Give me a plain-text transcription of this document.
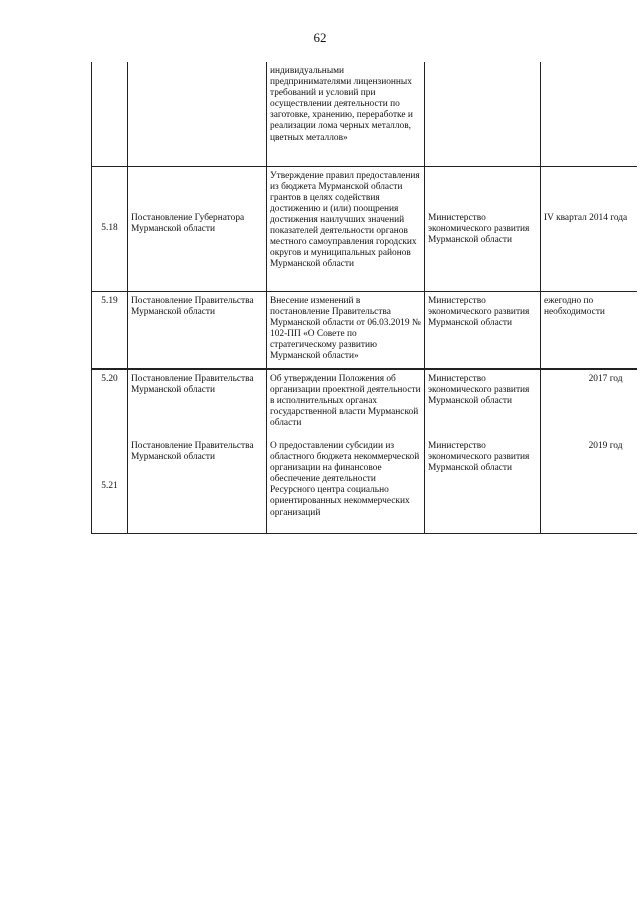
62
		индивидуальными предпринимателями лицензионных требований и условий при осуществлении деятельности по заготовке, хранению, переработке и реализации лома черных металлов, цветных металлов»		
5.18	Постановление Губернатора Мурманской области	Утверждение правил предоставления из бюджета Мурманской области грантов в целях содействия достижению и (или) поощрения достижения наилучших значений показателей деятельности органов местного самоуправления городских округов и муниципальных районов Мурманской области	Министерство экономического развития Мурманской области	IV квартал 2014 года
5.19	Постановление Правительства Мурманской области	Внесение изменений в постановление Правительства Мурманской области от 06.03.2019 № 102-ПП «О Совете по стратегическому развитию Мурманской области»	Министерство экономического развития Мурманской области	ежегодно по необходимости
5.20	Постановление Правительства Мурманской области	Об утверждении Положения об организации проектной деятельности в исполнительных органах государственной власти Мурманской области	Министерство экономического развития Мурманской области	2017 год
5.21	Постановление Правительства Мурманской области	О предоставлении субсидии из областного бюджета некоммерческой организации на финансовое обеспечение деятельности Ресурсного центра социально ориентированных некоммерческих организаций	Министерство экономического развития Мурманской области	2019 год
